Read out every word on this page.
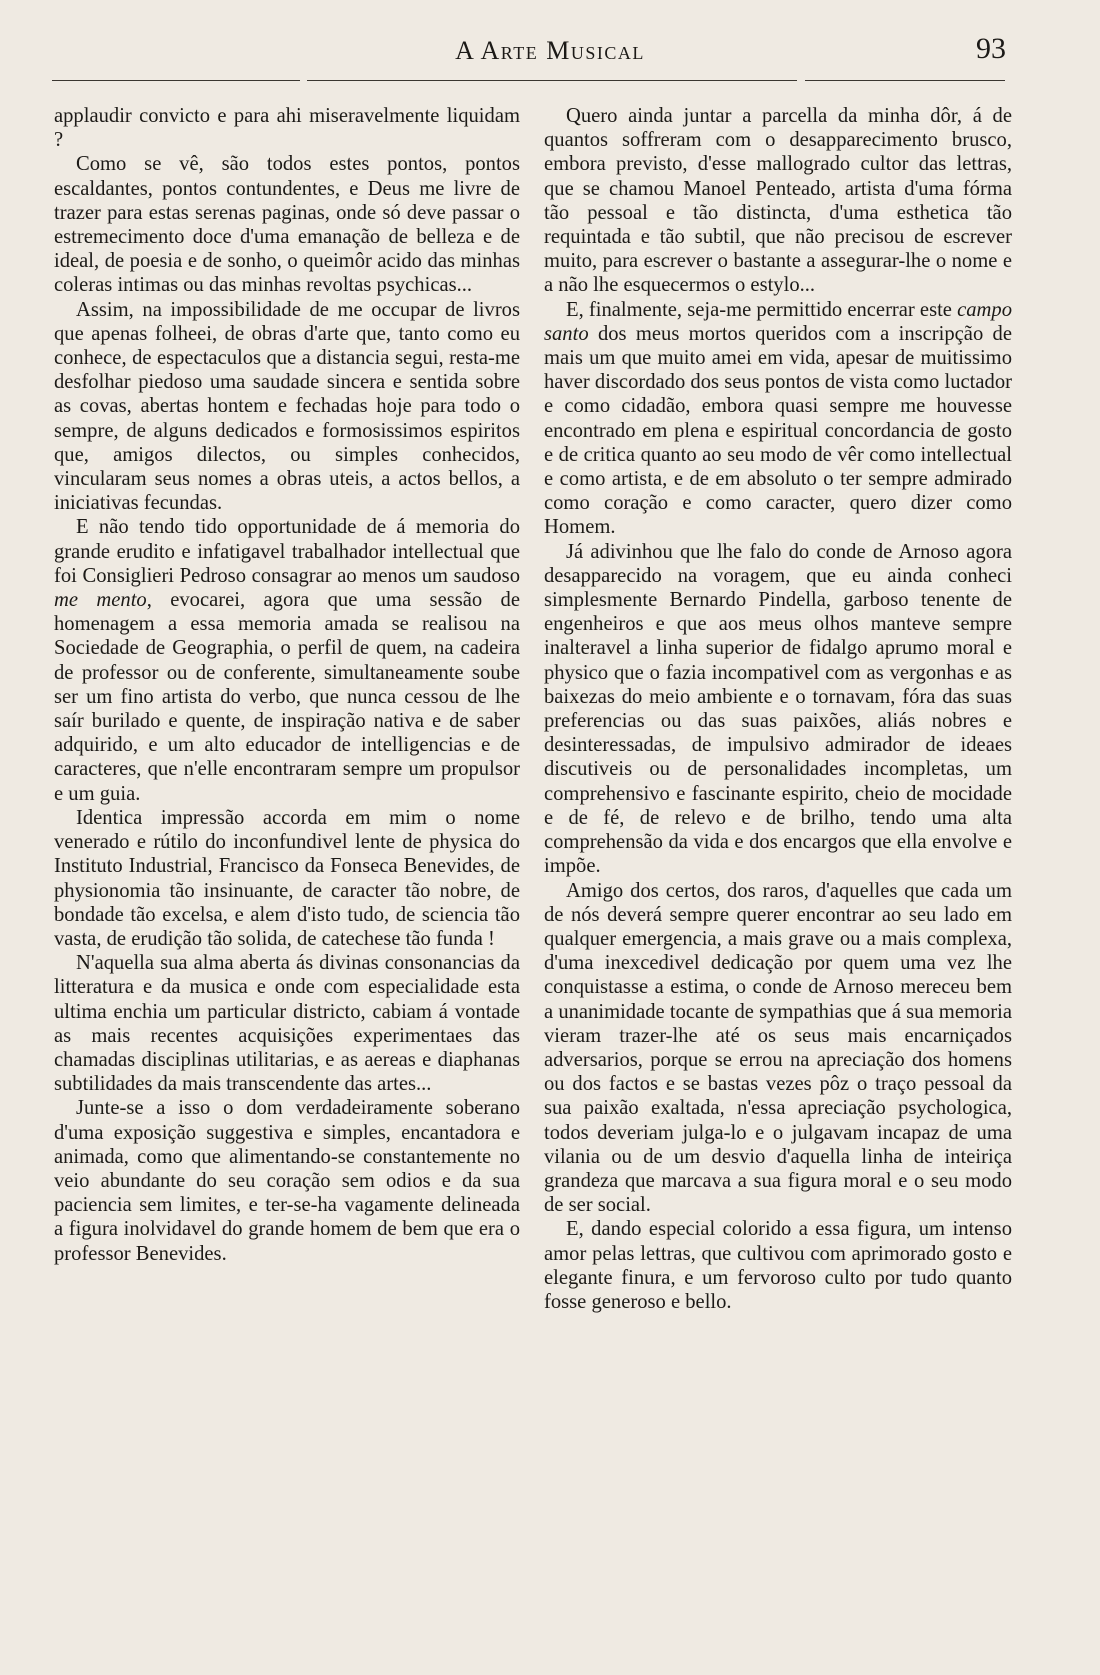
A Arte Musical	93

applaudir convicto e para ahi miseravelmente liquidam ?

Como se vê, são todos estes pontos, pontos escaldantes, pontos contundentes, e Deus me livre de trazer para estas serenas paginas, onde só deve passar o estremecimento doce d'uma emanação de belleza e de ideal, de poesia e de sonho, o queimôr acido das minhas coleras intimas ou das minhas revoltas psychicas...

Assim, na impossibilidade de me occupar de livros que apenas folheei, de obras d'arte que, tanto como eu conhece, de espectaculos que a distancia segui, resta-me desfolhar piedoso uma saudade sincera e sentida sobre as covas, abertas hontem e fechadas hoje para todo o sempre, de alguns dedicados e formosissimos espiritos que, amigos dilectos, ou simples conhecidos, vincularam seus nomes a obras uteis, a actos bellos, a iniciativas fecundas.

E não tendo tido opportunidade de á memoria do grande erudito e infatigavel trabalhador intellectual que foi Consiglieri Pedroso consagrar ao menos um saudoso me mento, evocarei, agora que uma sessão de homenagem a essa memoria amada se realisou na Sociedade de Geographia, o perfil de quem, na cadeira de professor ou de conferente, simultaneamente soube ser um fino artista do verbo, que nunca cessou de lhe saír burilado e quente, de inspiração nativa e de saber adquirido, e um alto educador de intelligencias e de caracteres, que n'elle encontraram sempre um propulsor e um guia.

Identica impressão accorda em mim o nome venerado e rútilo do inconfundivel lente de physica do Instituto Industrial, Francisco da Fonseca Benevides, de physionomia tão insinuante, de caracter tão nobre, de bondade tão excelsa, e alem d'isto tudo, de sciencia tão vasta, de erudição tão solida, de catechese tão funda !

N'aquella sua alma aberta ás divinas consonancias da litteratura e da musica e onde com especialidade esta ultima enchia um particular districto, cabiam á vontade as mais recentes acquisições experimentaes das chamadas disciplinas utilitarias, e as aereas e diaphanas subtilidades da mais transcendente das artes...

Junte-se a isso o dom verdadeiramente soberano d'uma exposição suggestiva e simples, encantadora e animada, como que alimentando-se constantemente no veio abundante do seu coração sem odios e da sua paciencia sem limites, e ter-se-ha vagamente delineada a figura inolvidavel do grande homem de bem que era o professor Benevides.

Quero ainda juntar a parcella da minha dôr, á de quantos soffreram com o desapparecimento brusco, embora previsto, d'esse mallogrado cultor das lettras, que se chamou Manoel Penteado, artista d'uma fórma tão pessoal e tão distincta, d'uma esthetica tão requintada e tão subtil, que não precisou de escrever muito, para escrever o bastante a assegurar-lhe o nome e a não lhe esquecermos o estylo...

E, finalmente, seja-me permittido encerrar este campo santo dos meus mortos queridos com a inscripção de mais um que muito amei em vida, apesar de muitissimo haver discordado dos seus pontos de vista como luctador e como cidadão, embora quasi sempre me houvesse encontrado em plena e espiritual concordancia de gosto e de critica quanto ao seu modo de vêr como intellectual e como artista, e de em absoluto o ter sempre admirado como coração e como caracter, quero dizer como Homem.

Já adivinhou que lhe falo do conde de Arnoso agora desapparecido na voragem, que eu ainda conheci simplesmente Bernardo Pindella, garboso tenente de engenheiros e que aos meus olhos manteve sempre inalteravel a linha superior de fidalgo aprumo moral e physico que o fazia incompativel com as vergonhas e as baixezas do meio ambiente e o tornavam, fóra das suas preferencias ou das suas paixões, aliás nobres e desinteressadas, de impulsivo admirador de ideaes discutiveis ou de personalidades incompletas, um comprehensivo e fascinante espirito, cheio de mocidade e de fé, de relevo e de brilho, tendo uma alta comprehensão da vida e dos encargos que ella envolve e impõe.

Amigo dos certos, dos raros, d'aquelles que cada um de nós deverá sempre querer encontrar ao seu lado em qualquer emergencia, a mais grave ou a mais complexa, d'uma inexcedivel dedicação por quem uma vez lhe conquistasse a estima, o conde de Arnoso mereceu bem a unanimidade tocante de sympathias que á sua memoria vieram trazer-lhe até os seus mais encarniçados adversarios, porque se errou na apreciação dos homens ou dos factos e se bastas vezes pôz o traço pessoal da sua paixão exaltada, n'essa apreciação psychologica, todos deveriam julga-lo e o julgavam incapaz de uma vilania ou de um desvio d'aquella linha de inteiriça grandeza que marcava a sua figura moral e o seu modo de ser social.

E, dando especial colorido a essa figura, um intenso amor pelas lettras, que cultivou com aprimorado gosto e elegante finura, e um fervoroso culto por tudo quanto fosse generoso e bello.
